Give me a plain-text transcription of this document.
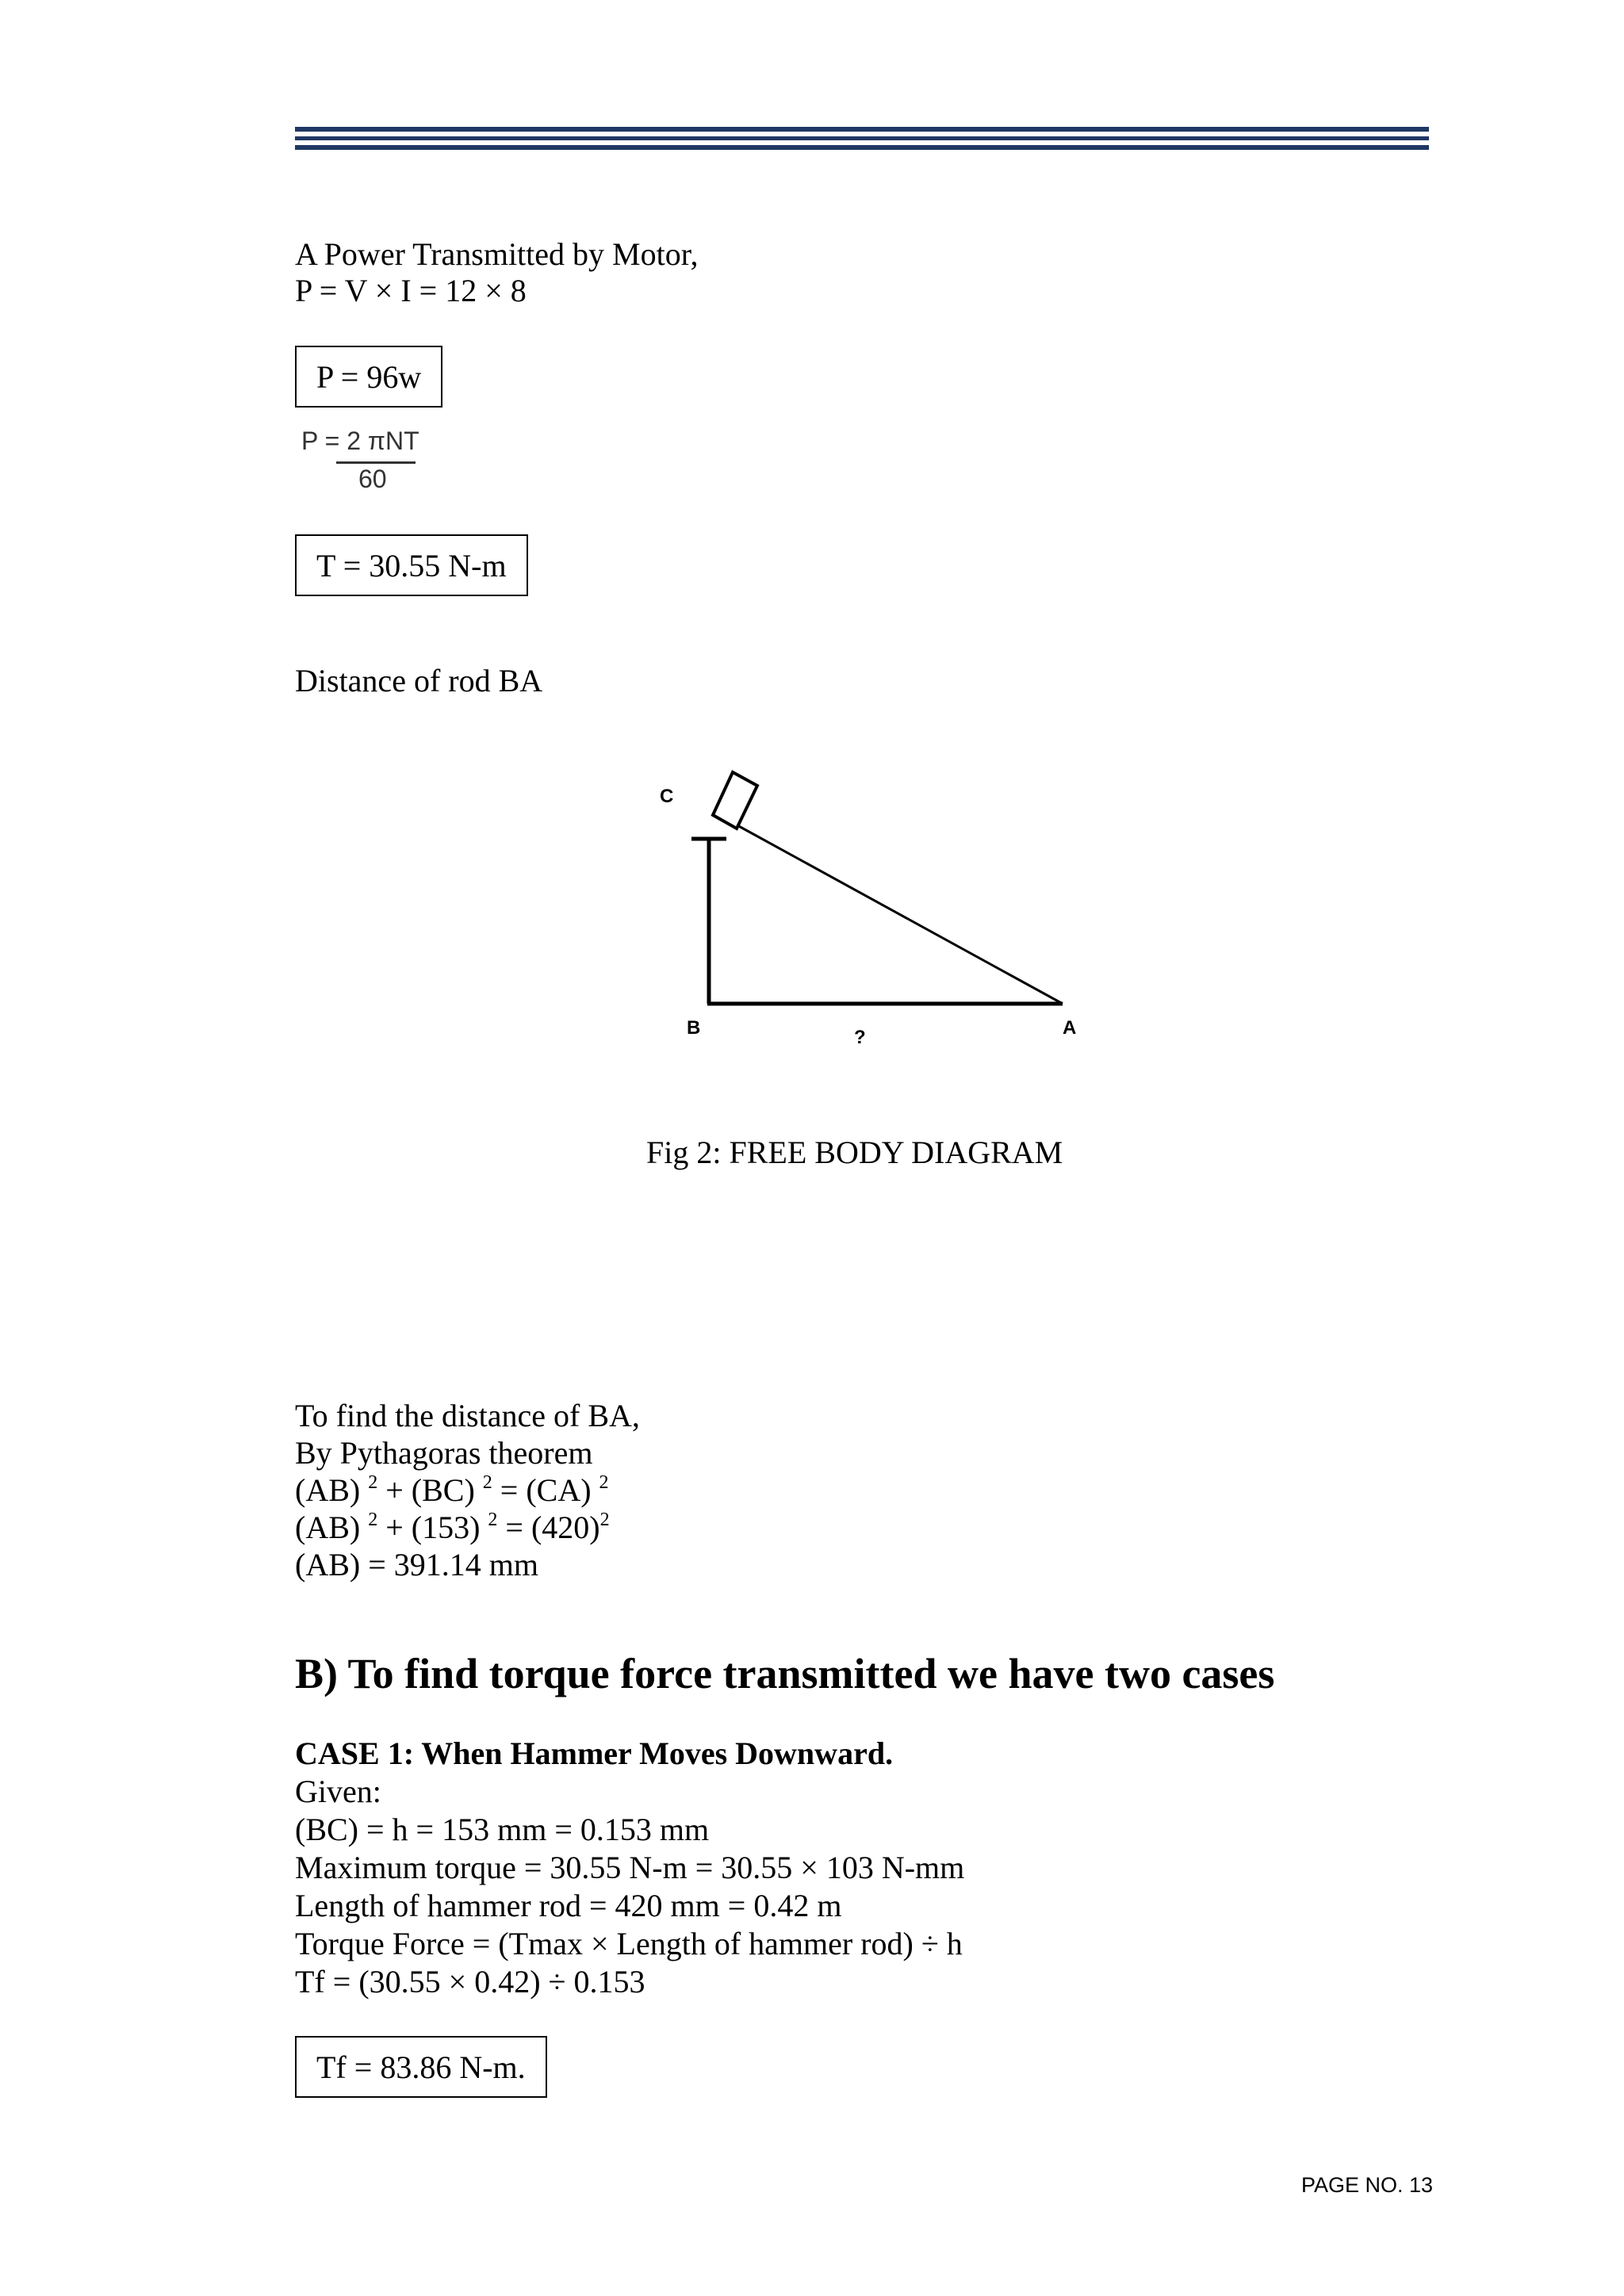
A Power Transmitted by Motor,
P = V × I = 12 × 8
P = 96w
P = 2 πNT
60
T = 30.55 N-m
Distance of rod BA
C
B	?	A
Fig 2: FREE BODY DIAGRAM
To find the distance of BA,
By Pythagoras theorem
(AB) $^2$ + (BC) $^2$ = (CA) $^2$
(AB) $^2$ + (153) $^2 = (420)^2$
(AB) = 391.14 mm
B) To find torque force transmitted we have two cases
CASE 1: When Hammer Moves Downward.
Given:
(BC) = h = 153 mm = 0.153 mm
Maximum torque = 30.55 N-m = 30.55 × 103 N-mm
Length of hammer rod = 420 mm = 0.42 m
Torque Force = (Tmax × Length of hammer rod) ÷ h
Tf = (30.55 × 0.42) ÷ 0.153
Tf = 83.86 N-m.
PAGE NO. 13
